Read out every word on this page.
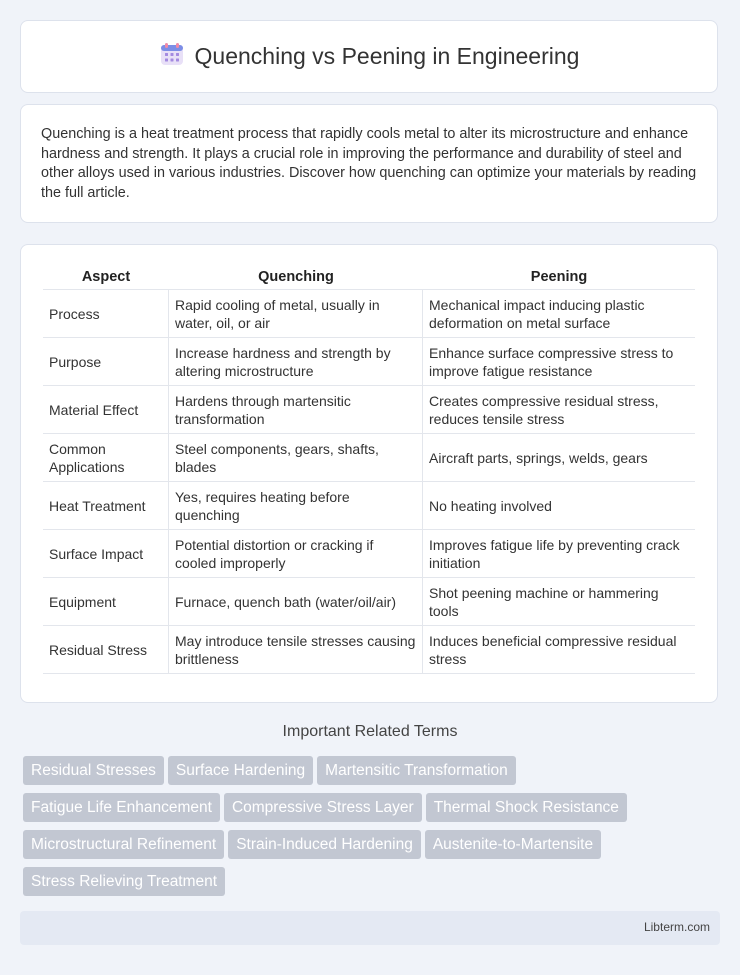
Quenching vs Peening in Engineering

Quenching is a heat treatment process that rapidly cools metal to alter its microstructure and enhance hardness and strength. It plays a crucial role in improving the performance and durability of steel and other alloys used in various industries. Discover how quenching can optimize your materials by reading the full article.

Aspect	Quenching	Peening
Process	Rapid cooling of metal, usually in water, oil, or air	Mechanical impact inducing plastic deformation on metal surface
Purpose	Increase hardness and strength by altering microstructure	Enhance surface compressive stress to improve fatigue resistance
Material Effect	Hardens through martensitic transformation	Creates compressive residual stress, reduces tensile stress
Common Applications	Steel components, gears, shafts, blades	Aircraft parts, springs, welds, gears
Heat Treatment	Yes, requires heating before quenching	No heating involved
Surface Impact	Potential distortion or cracking if cooled improperly	Improves fatigue life by preventing crack initiation
Equipment	Furnace, quench bath (water/oil/air)	Shot peening machine or hammering tools
Residual Stress	May introduce tensile stresses causing brittleness	Induces beneficial compressive residual stress
Important Related Terms
Residual Stresses Surface Hardening Martensitic Transformation Fatigue Life Enhancement Compressive Stress Layer Thermal Shock Resistance Microstructural Refinement Strain-Induced Hardening Austenite-to-Martensite Stress Relieving Treatment
Libterm.com
